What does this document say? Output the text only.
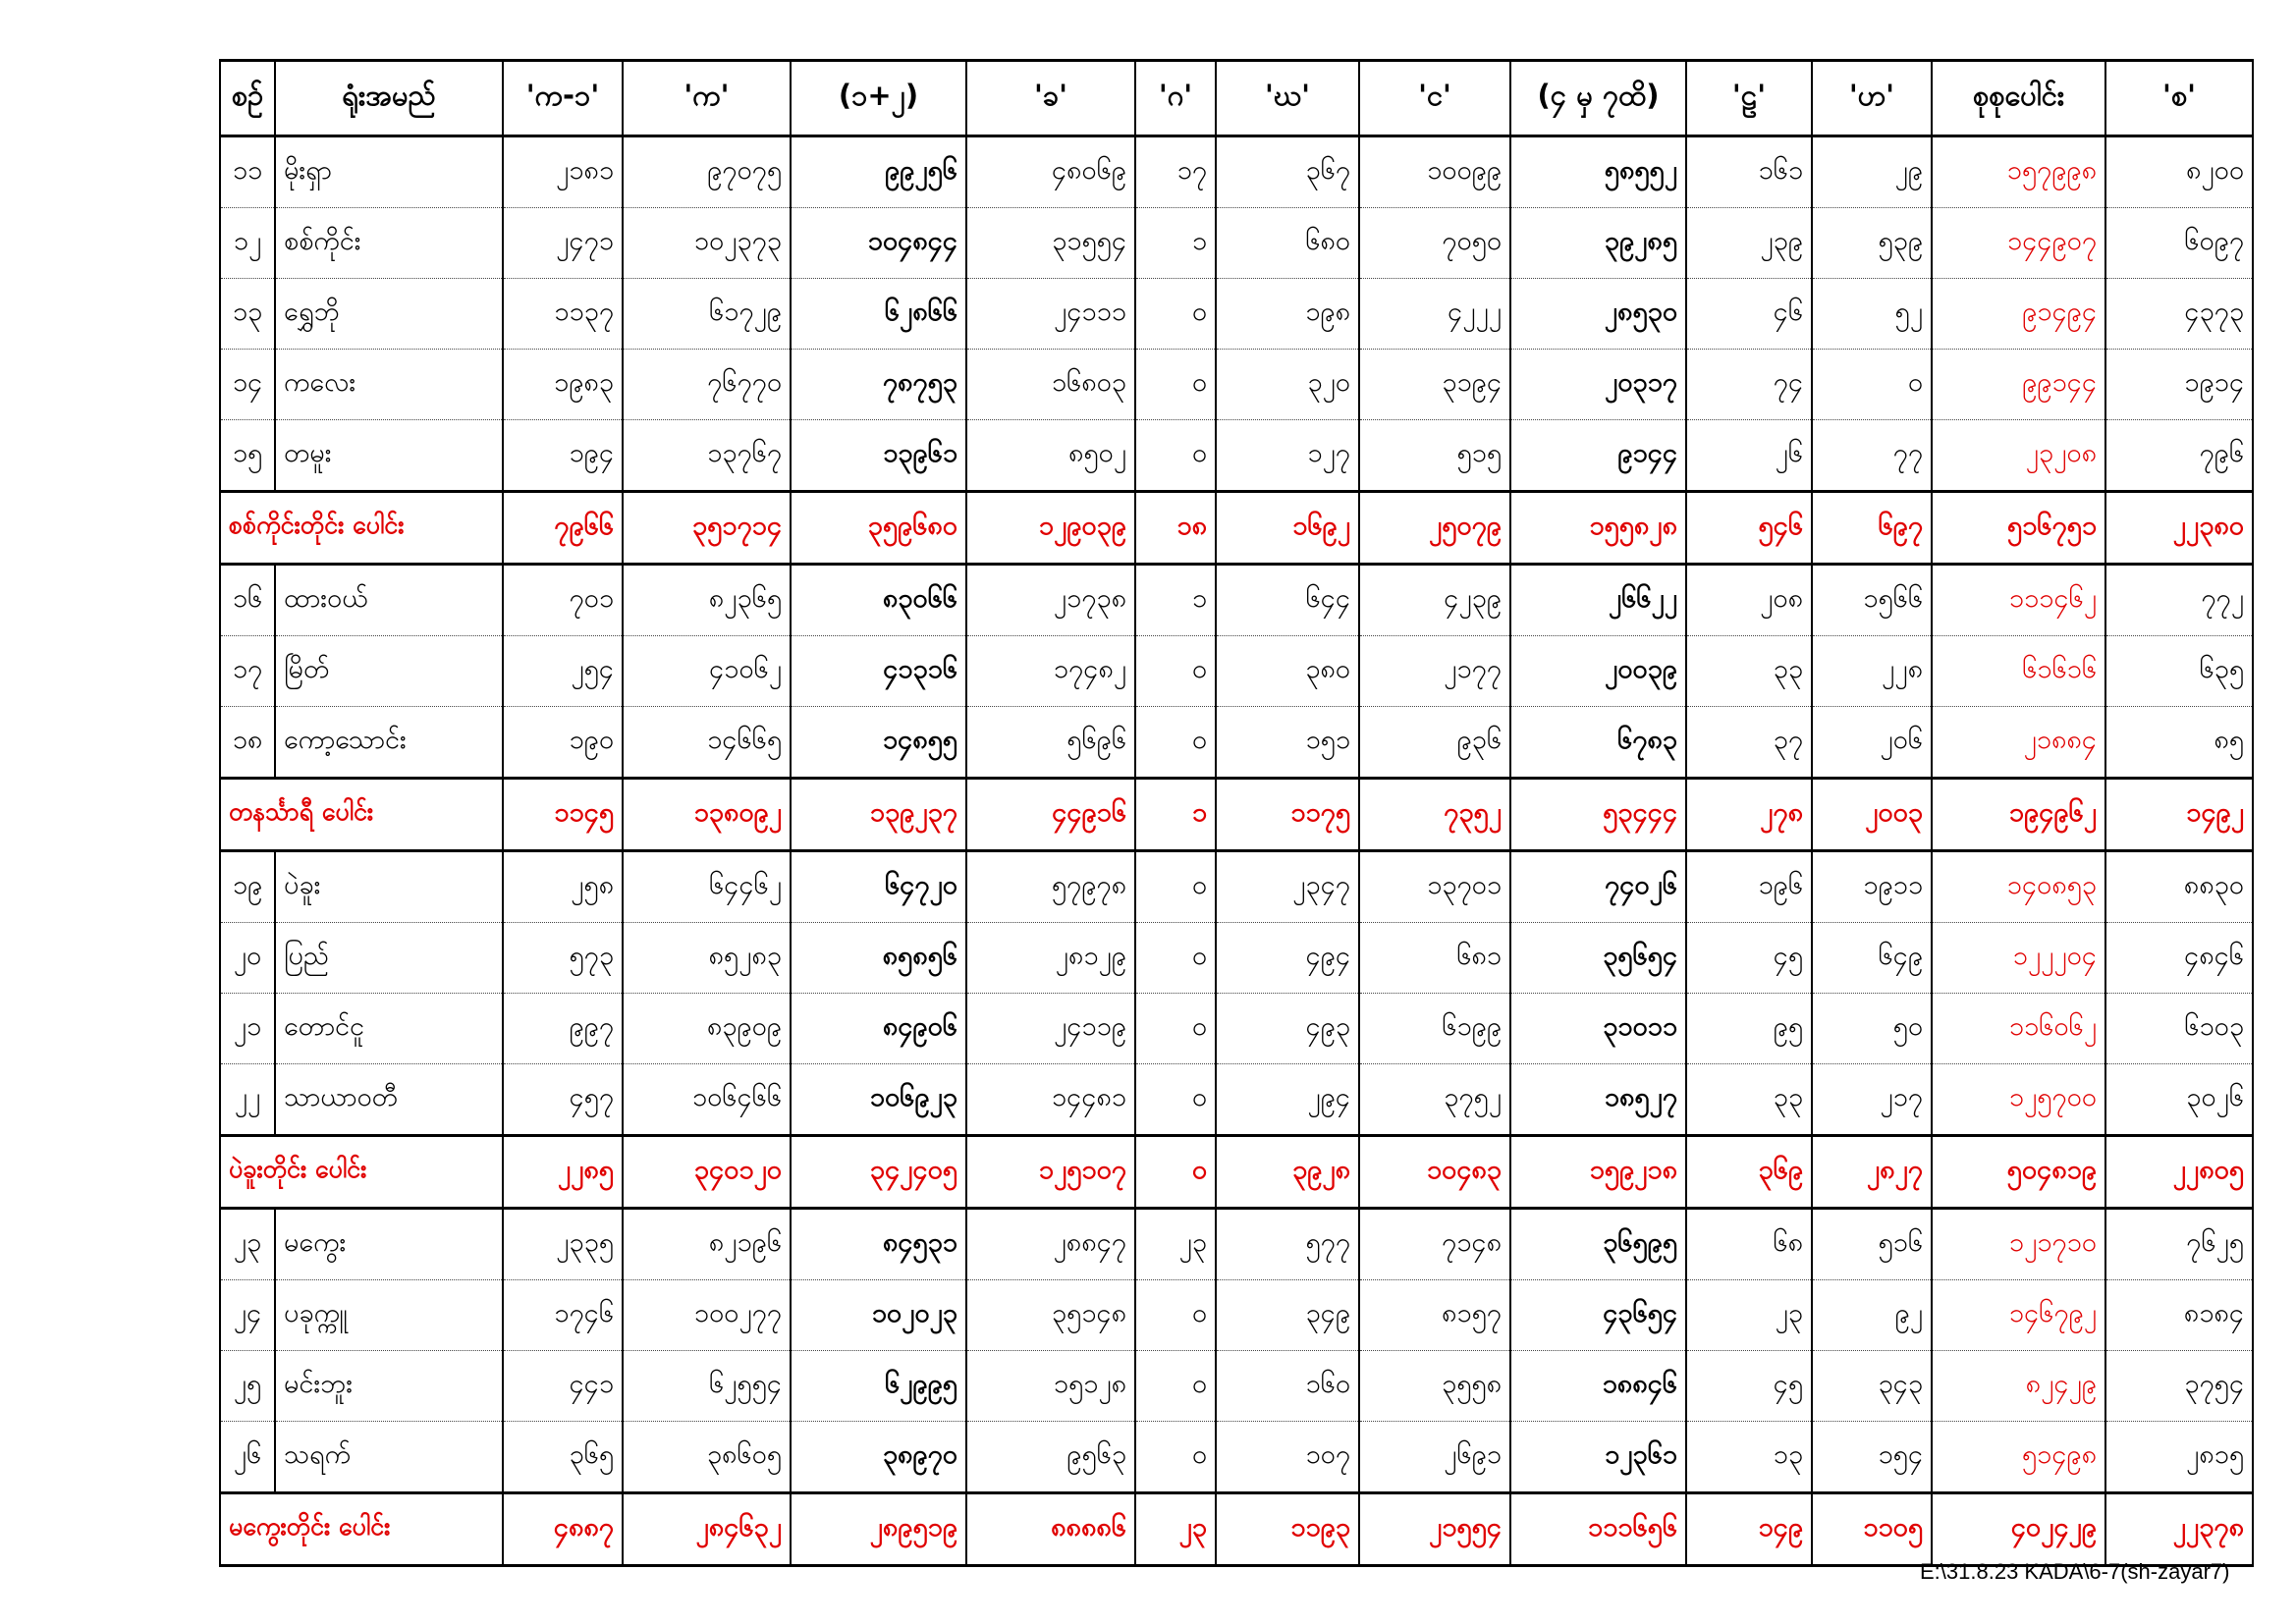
စဉ်	ရုံးအမည်	'က-၁'	'က'	(၁+၂)	'ခ'	'ဂ'	'ဃ'	'င'	(၄ မှ ၇ထိ)	'ဠ'	'ဟ'	စုစုပေါင်း	'စ'
၁၁	မိုးရှာ	၂၁၈၁	၉၇၀၇၅	၉၉၂၅၆	၄၈၀၆၉	၁၇	၃၆၇	၁၀၀၉၉	၅၈၅၅၂	၁၆၁	၂၉	၁၅၇၉၉၈	၈၂၀၀
၁၂	စစ်ကိုင်း	၂၄၇၁	၁၀၂၃၇၃	၁၀၄၈၄၄	၃၁၅၅၄	၁	၆၈၀	၇၀၅၀	၃၉၂၈၅	၂၃၉	၅၃၉	၁၄၄၉၀၇	၆၀၉၇
၁၃	ရွှေဘို	၁၁၃၇	၆၁၇၂၉	၆၂၈၆၆	၂၄၁၁၁	၀	၁၉၈	၄၂၂၂	၂၈၅၃၀	၄၆	၅၂	၉၁၄၉၄	၄၃၇၃
၁၄	ကလေး	၁၉၈၃	၇၆၇၇၀	၇၈၇၅၃	၁၆၈၀၃	၀	၃၂၀	၃၁၉၄	၂၀၃၁၇	၇၄	၀	၉၉၁၄၄	၁၉၁၄
၁၅	တမူး	၁၉၄	၁၃၇၆၇	၁၃၉၆၁	၈၅၀၂	၀	၁၂၇	၅၁၅	၉၁၄၄	၂၆	၇၇	၂၃၂၀၈	၇၉၆
စစ်ကိုင်းတိုင်း ပေါင်း		၇၉၆၆	၃၅၁၇၁၄	၃၅၉၆၈၀	၁၂၉၀၃၉	၁၈	၁၆၉၂	၂၅၀၇၉	၁၅၅၈၂၈	၅၄၆	၆၉၇	၅၁၆၇၅၁	၂၂၃၈၀
၁၆	ထားဝယ်	၇၀၁	၈၂၃၆၅	၈၃၀၆၆	၂၁၇၃၈	၁	၆၄၄	၄၂၃၉	၂၆၆၂၂	၂၀၈	၁၅၆၆	၁၁၁၄၆၂	၇၇၂
၁၇	မြိတ်	၂၅၄	၄၁၀၆၂	၄၁၃၁၆	၁၇၄၈၂	၀	၃၈၀	၂၁၇၇	၂၀၀၃၉	၃၃	၂၂၈	၆၁၆၁၆	၆၃၅
၁၈	ကော့သောင်း	၁၉၀	၁၄၆၆၅	၁၄၈၅၅	၅၆၉၆	၀	၁၅၁	၉၃၆	၆၇၈၃	၃၇	၂၀၆	၂၁၈၈၄	၈၅
တနင်္သာရီ ပေါင်း		၁၁၄၅	၁၃၈၀၉၂	၁၃၉၂၃၇	၄၄၉၁၆	၁	၁၁၇၅	၇၃၅၂	၅၃၄၄၄	၂၇၈	၂၀၀၃	၁၉၄၉၆၂	၁၄၉၂
၁၉	ပဲခူး	၂၅၈	၆၄၄၆၂	၆၄၇၂၀	၅၇၉၇၈	၀	၂၃၄၇	၁၃၇၀၁	၇၄၀၂၆	၁၉၆	၁၉၁၁	၁၄၀၈၅၃	၈၈၃၀
၂၀	ပြည်	၅၇၃	၈၅၂၈၃	၈၅၈၅၆	၂၈၁၂၉	၀	၄၉၄	၆၈၁	၃၅၆၅၄	၄၅	၆၄၉	၁၂၂၂၀၄	၄၈၄၆
၂၁	တောင်ငူ	၉၉၇	၈၃၉၀၉	၈၄၉၀၆	၂၄၁၁၉	၀	၄၉၃	၆၁၉၉	၃၁၀၁၁	၉၅	၅၀	၁၁၆၀၆၂	၆၁၀၃
၂၂	သာယာဝတီ	၄၅၇	၁၀၆၄၆၆	၁၀၆၉၂၃	၁၄၄၈၁	၀	၂၉၄	၃၇၅၂	၁၈၅၂၇	၃၃	၂၁၇	၁၂၅၇၀၀	၃၀၂၆
ပဲခူးတိုင်း ပေါင်း		၂၂၈၅	၃၄၀၁၂၀	၃၄၂၄၀၅	၁၂၅၁၀၇	၀	၃၉၂၈	၁၀၄၈၃	၁၅၉၂၁၈	၃၆၉	၂၈၂၇	၅၀၄၈၁၉	၂၂၈၀၅
၂၃	မကွေး	၂၃၃၅	၈၂၁၉၆	၈၄၅၃၁	၂၈၈၄၇	၂၃	၅၇၇	၇၁၄၈	၃၆၅၉၅	၆၈	၅၁၆	၁၂၁၇၁၀	၇၆၂၅
၂၄	ပခုက္ကူ	၁၇၄၆	၁၀၀၂၇၇	၁၀၂၀၂၃	၃၅၁၄၈	၀	၃၄၉	၈၁၅၇	၄၃၆၅၄	၂၃	၉၂	၁၄၆၇၉၂	၈၁၈၄
၂၅	မင်းဘူး	၄၄၁	၆၂၅၅၄	၆၂၉၉၅	၁၅၁၂၈	၀	၁၆၀	၃၅၅၈	၁၈၈၄၆	၄၅	၃၄၃	၈၂၄၂၉	၃၇၅၄
၂၆	သရက်	၃၆၅	၃၈၆၀၅	၃၈၉၇၀	၉၅၆၃	၀	၁၀၇	၂၆၉၁	၁၂၃၆၁	၁၃	၁၅၄	၅၁၄၉၈	၂၈၁၅
မကွေးတိုင်း ပေါင်း		၄၈၈၇	၂၈၄၆၃၂	၂၈၉၅၁၉	၈၈၈၈၆	၂၃	၁၁၉၃	၂၁၅၅၄	၁၁၁၆၅၆	၁၄၉	၁၁၀၅	၄၀၂၄၂၉	၂၂၃၇၈
E:\31.8.23 KADA\6-7(sh-zayar7)
